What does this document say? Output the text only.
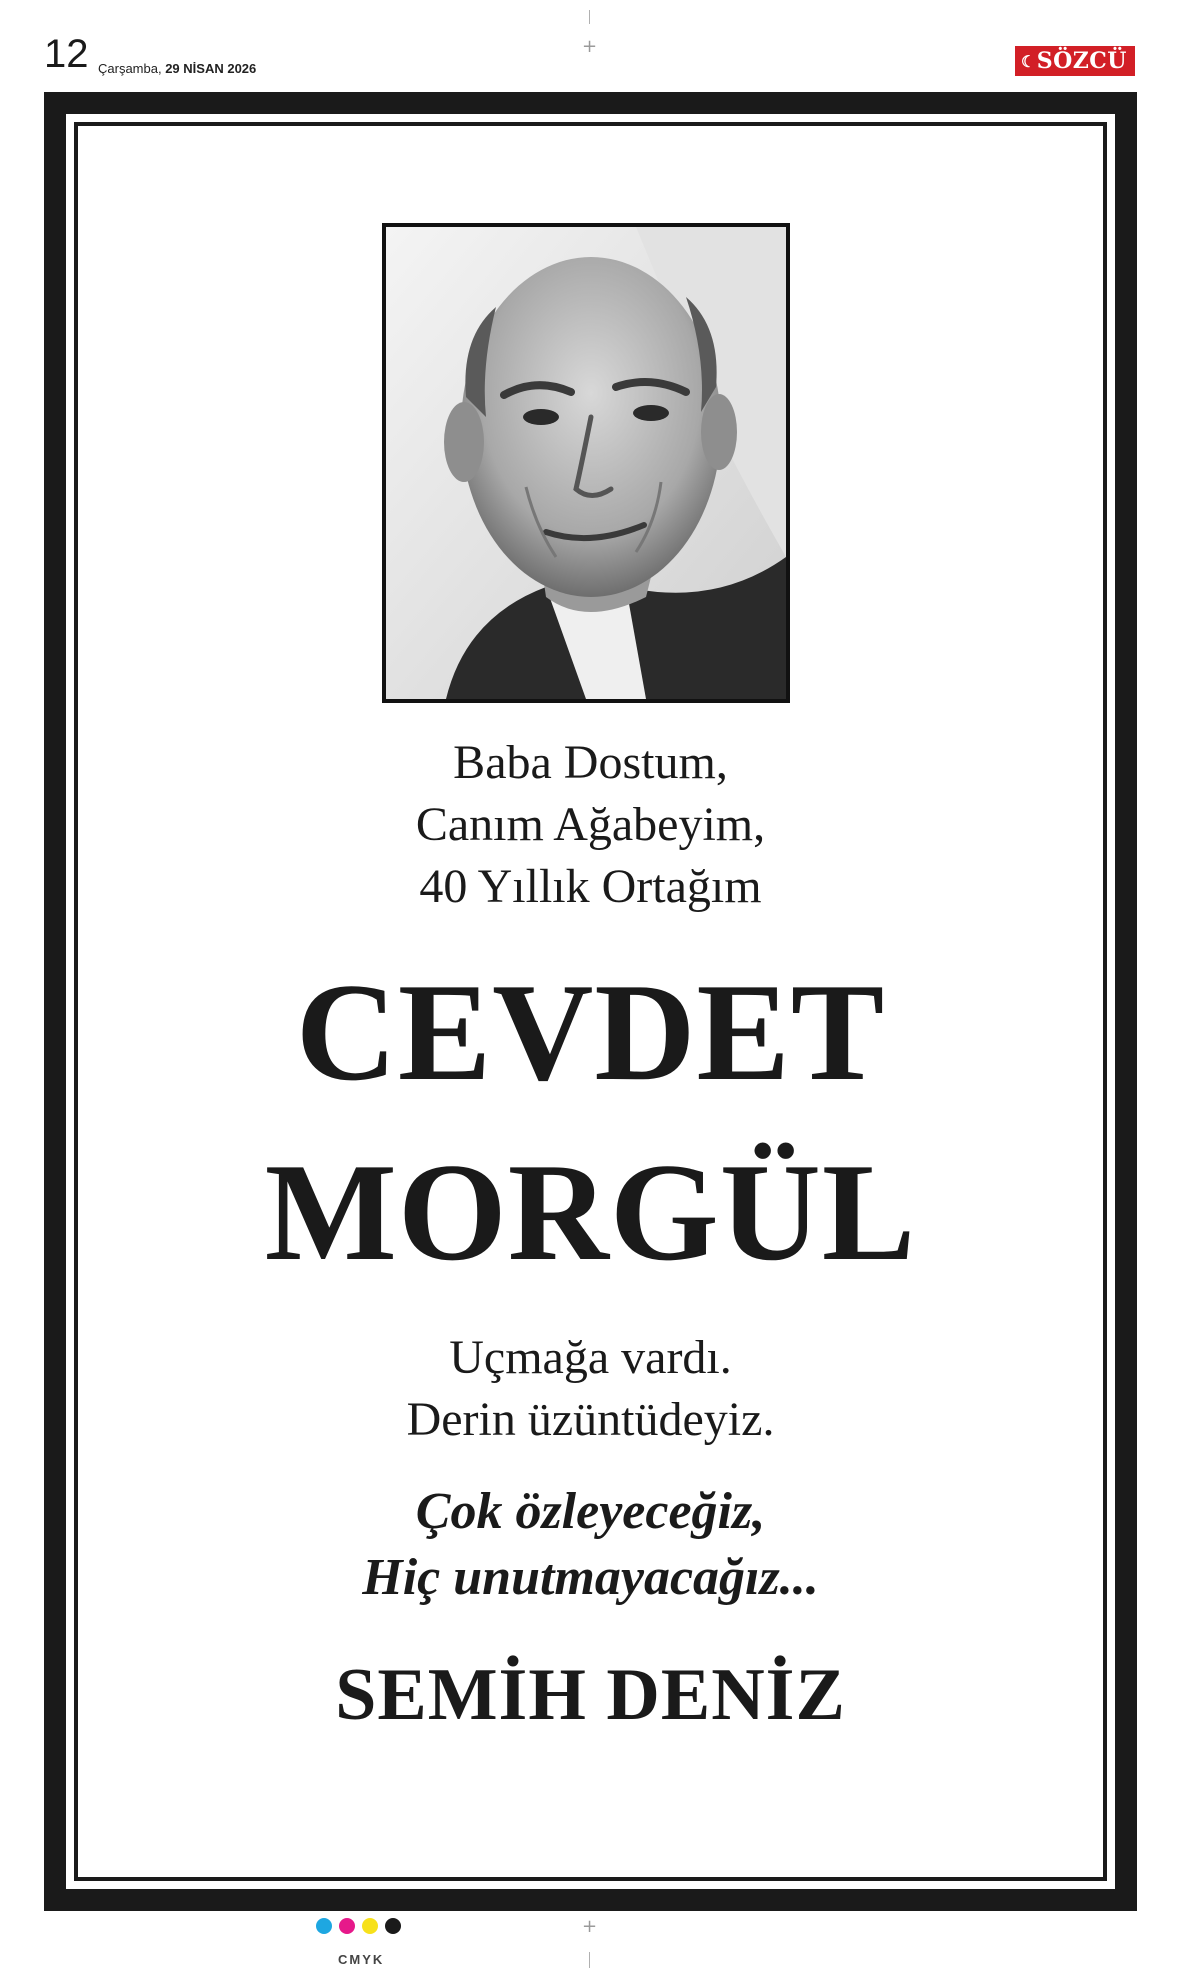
12 Çarşamba, 29 NİSAN 2026	☾ SÖZCÜ
+
+
Baba Dostum,
Canım Ağabeyim,
40 Yıllık Ortağım
CEVDET
MORGÜL
Uçmağa vardı.
Derin üzüntüdeyiz.
Çok özleyeceğiz,
Hiç unutmayacağız...
SEMİH DENİZ
CMYK
